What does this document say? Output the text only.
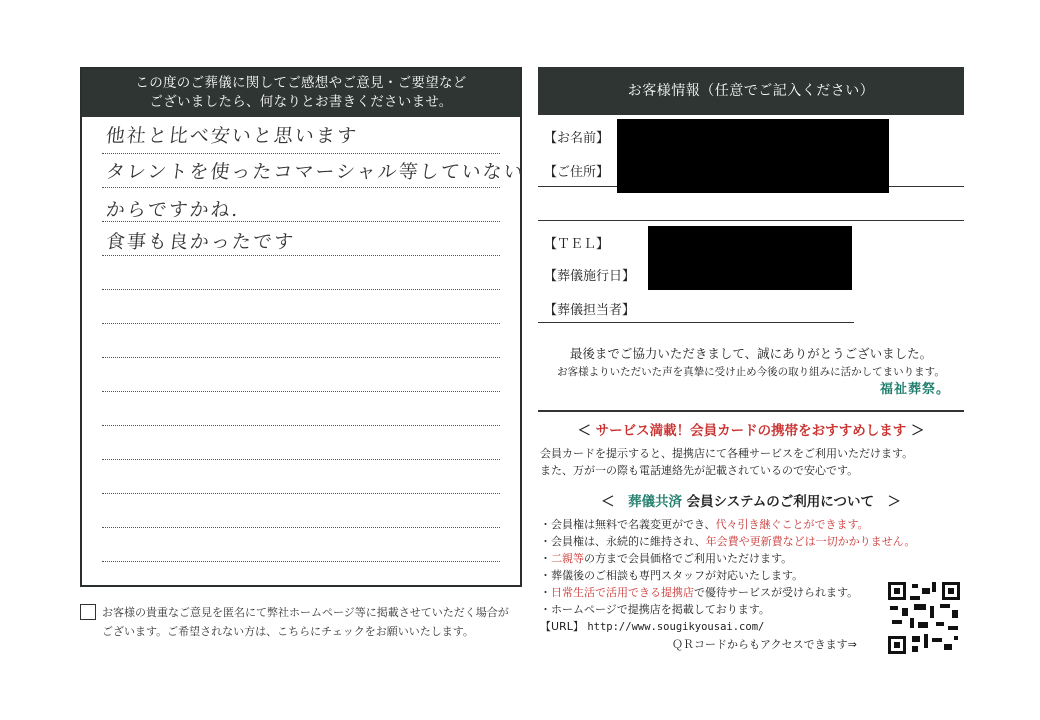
この度のご葬儀に関してご感想やご意見・ご要望など
ございましたら、何なりとお書きくださいませ。
他社と比べ安いと思います
タレントを使ったコマーシャル等していない
からですかね.
食事も良かったです
お客様の貴重なご意見を匿名にて弊社ホームページ等に掲載させていただく場合が
ございます。ご希望されない方は、こちらにチェックをお願いいたします。
お客様情報（任意でご記入ください）
【お名前】
【ご住所】
【ＴＥＬ】
【葬儀施行日】
【葬儀担当者】
最後までご協力いただきまして、誠にありがとうございました。
お客様よりいただいた声を真摯に受け止め今後の取り組みに活かしてまいります。
福祉葬祭。
＜ サービス満載！会員カードの携帯をおすすめします ＞
会員カードを提示すると、提携店にて各種サービスをご利用いただけます。
また、万が一の際も電話連絡先が記載されているので安心です。
＜　葬儀共済 会員システムのご利用について　＞
・会員権は無料で名義変更ができ、代々引き継ぐことができます。
・会員権は、永続的に維持され、年会費や更新費などは一切かかりません。
・二親等の方まで会員価格でご利用いただけます。
・葬儀後のご相談も専門スタッフが対応いたします。
・日常生活で活用できる提携店で優待サービスが受けられます。
・ホームページで提携店を掲載しております。
【URL】 http://www.sougikyousai.com/
ＱＲコードからもアクセスできます⇒
